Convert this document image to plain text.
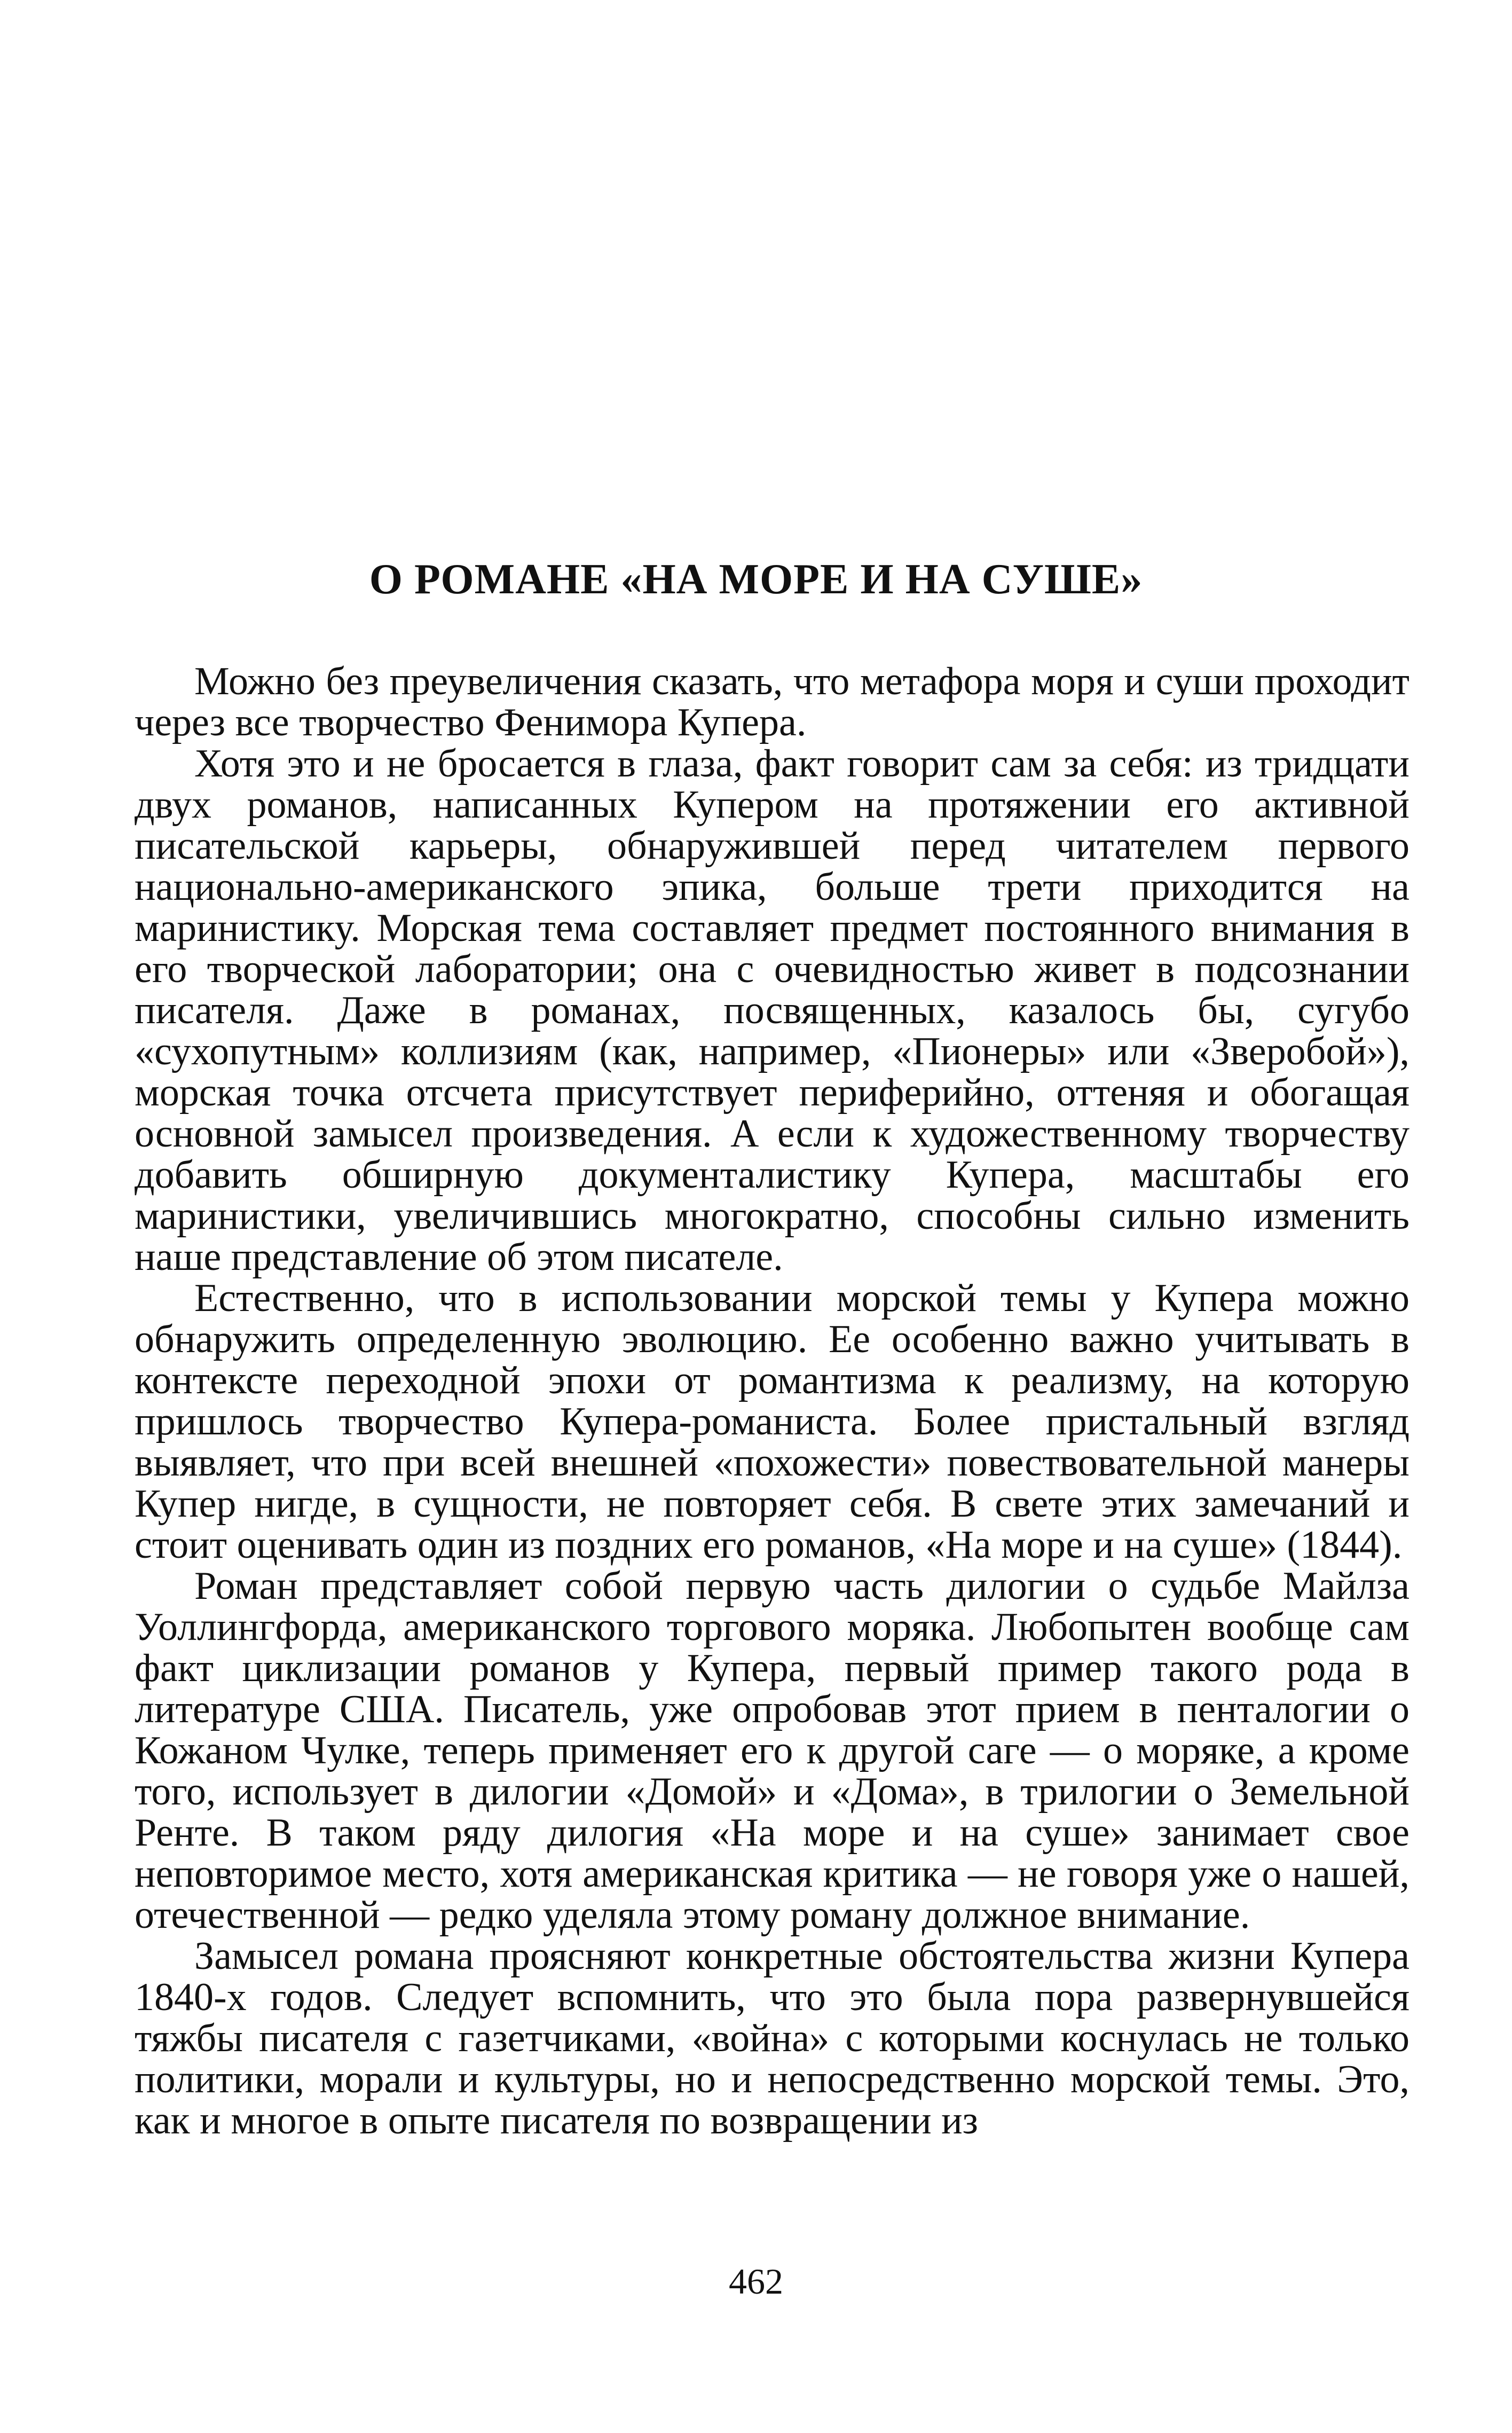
О РОМАНЕ «НА МОРЕ И НА СУШЕ»

Можно без преувеличения сказать, что метафора моря и суши проходит через все творчество Фенимора Купера.

Хотя это и не бросается в глаза, факт говорит сам за себя: из тридцати двух романов, написанных Купером на протяжении его активной писательской карьеры, обнаружившей перед читателем первого национально-американского эпика, больше трети приходится на маринистику. Морская тема составляет предмет постоянного внимания в его творческой лаборатории; она с очевидностью живет в подсознании писателя. Даже в романах, посвященных, казалось бы, сугубо «сухопутным» коллизиям (как, например, «Пионеры» или «Зверобой»), морская точка отсчета присутствует периферийно, оттеняя и обогащая основной замысел произведения. А если к художественному творчеству добавить обширную документалистику Купера, масштабы его маринистики, увеличившись многократно, способны сильно изменить наше представление об этом писателе.

Естественно, что в использовании морской темы у Купера можно обнаружить определенную эволюцию. Ее особенно важно учитывать в контексте переходной эпохи от романтизма к реализму, на которую пришлось творчество Купера-романиста. Более пристальный взгляд выявляет, что при всей внешней «похожести» повествовательной манеры Купер нигде, в сущности, не повторяет себя. В свете этих замечаний и стоит оценивать один из поздних его романов, «На море и на суше» (1844).

Роман представляет собой первую часть дилогии о судьбе Майлза Уоллингфорда, американского торгового моряка. Любопытен вообще сам факт циклизации романов у Купера, первый пример такого рода в литературе США. Писатель, уже опробовав этот прием в пенталогии о Кожаном Чулке, теперь применяет его к другой саге — о моряке, а кроме того, использует в дилогии «Домой» и «Дома», в трилогии о Земельной Ренте. В таком ряду дилогия «На море и на суше» занимает свое неповторимое место, хотя американская критика — не говоря уже о нашей, отечественной — редко уделяла этому роману должное внимание.

Замысел романа проясняют конкретные обстоятельства жизни Купера 1840-х годов. Следует вспомнить, что это была пора развернувшейся тяжбы писателя с газетчиками, «война» с которыми коснулась не только политики, морали и культуры, но и непосредственно морской темы. Это, как и многое в опыте писателя по возвращении из

462
